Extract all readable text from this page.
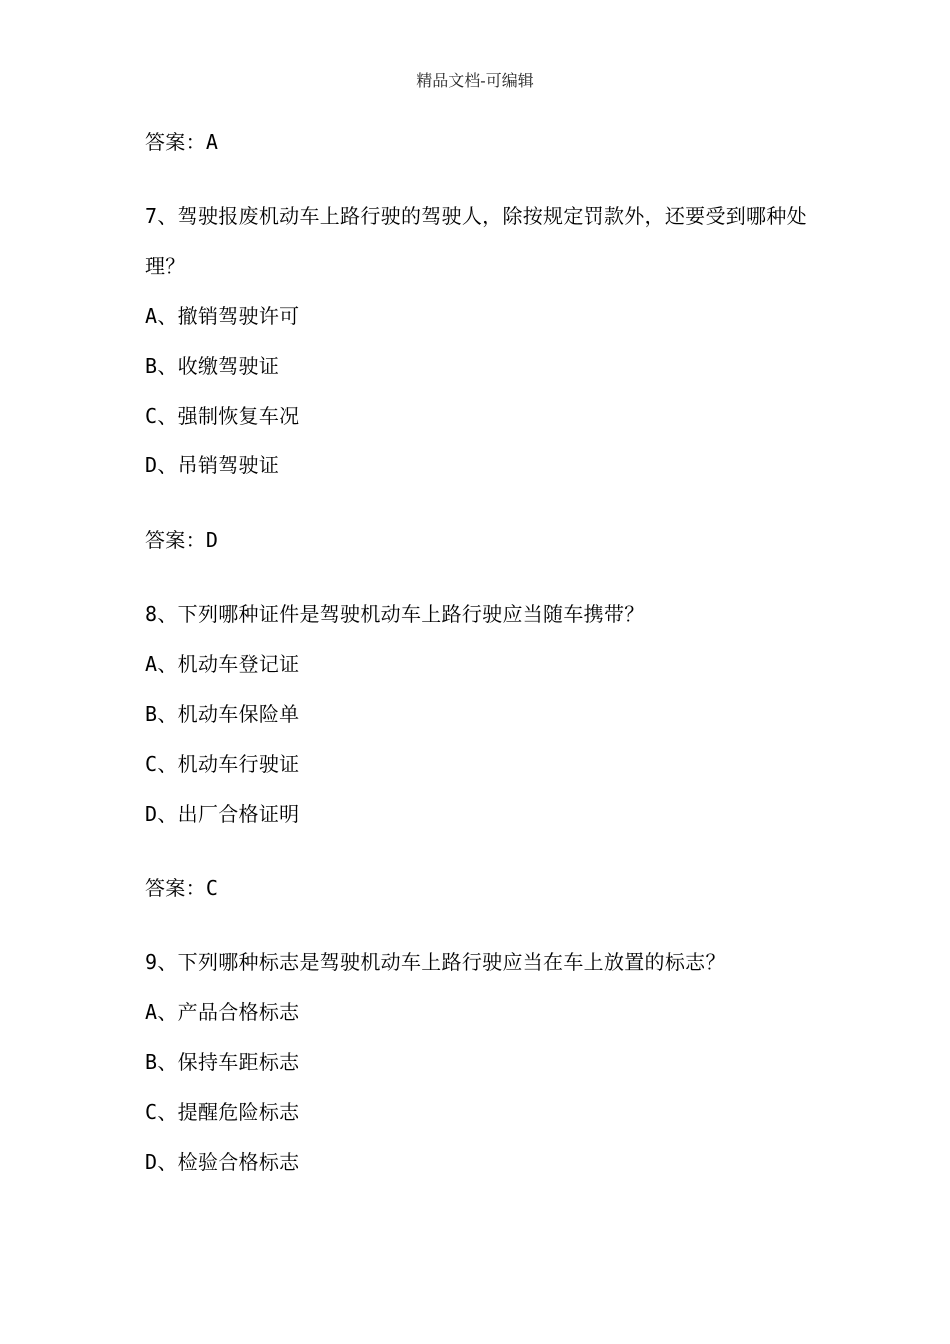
精品文档-可编辑
答案：A
7、驾驶报废机动车上路行驶的驾驶人，除按规定罚款外，还要受到哪种处
理？
A、撤销驾驶许可
B、收缴驾驶证
C、强制恢复车况
D、吊销驾驶证
答案：D
8、下列哪种证件是驾驶机动车上路行驶应当随车携带？
A、机动车登记证
B、机动车保险单
C、机动车行驶证
D、出厂合格证明
答案：C
9、下列哪种标志是驾驶机动车上路行驶应当在车上放置的标志？
A、产品合格标志
B、保持车距标志
C、提醒危险标志
D、检验合格标志
